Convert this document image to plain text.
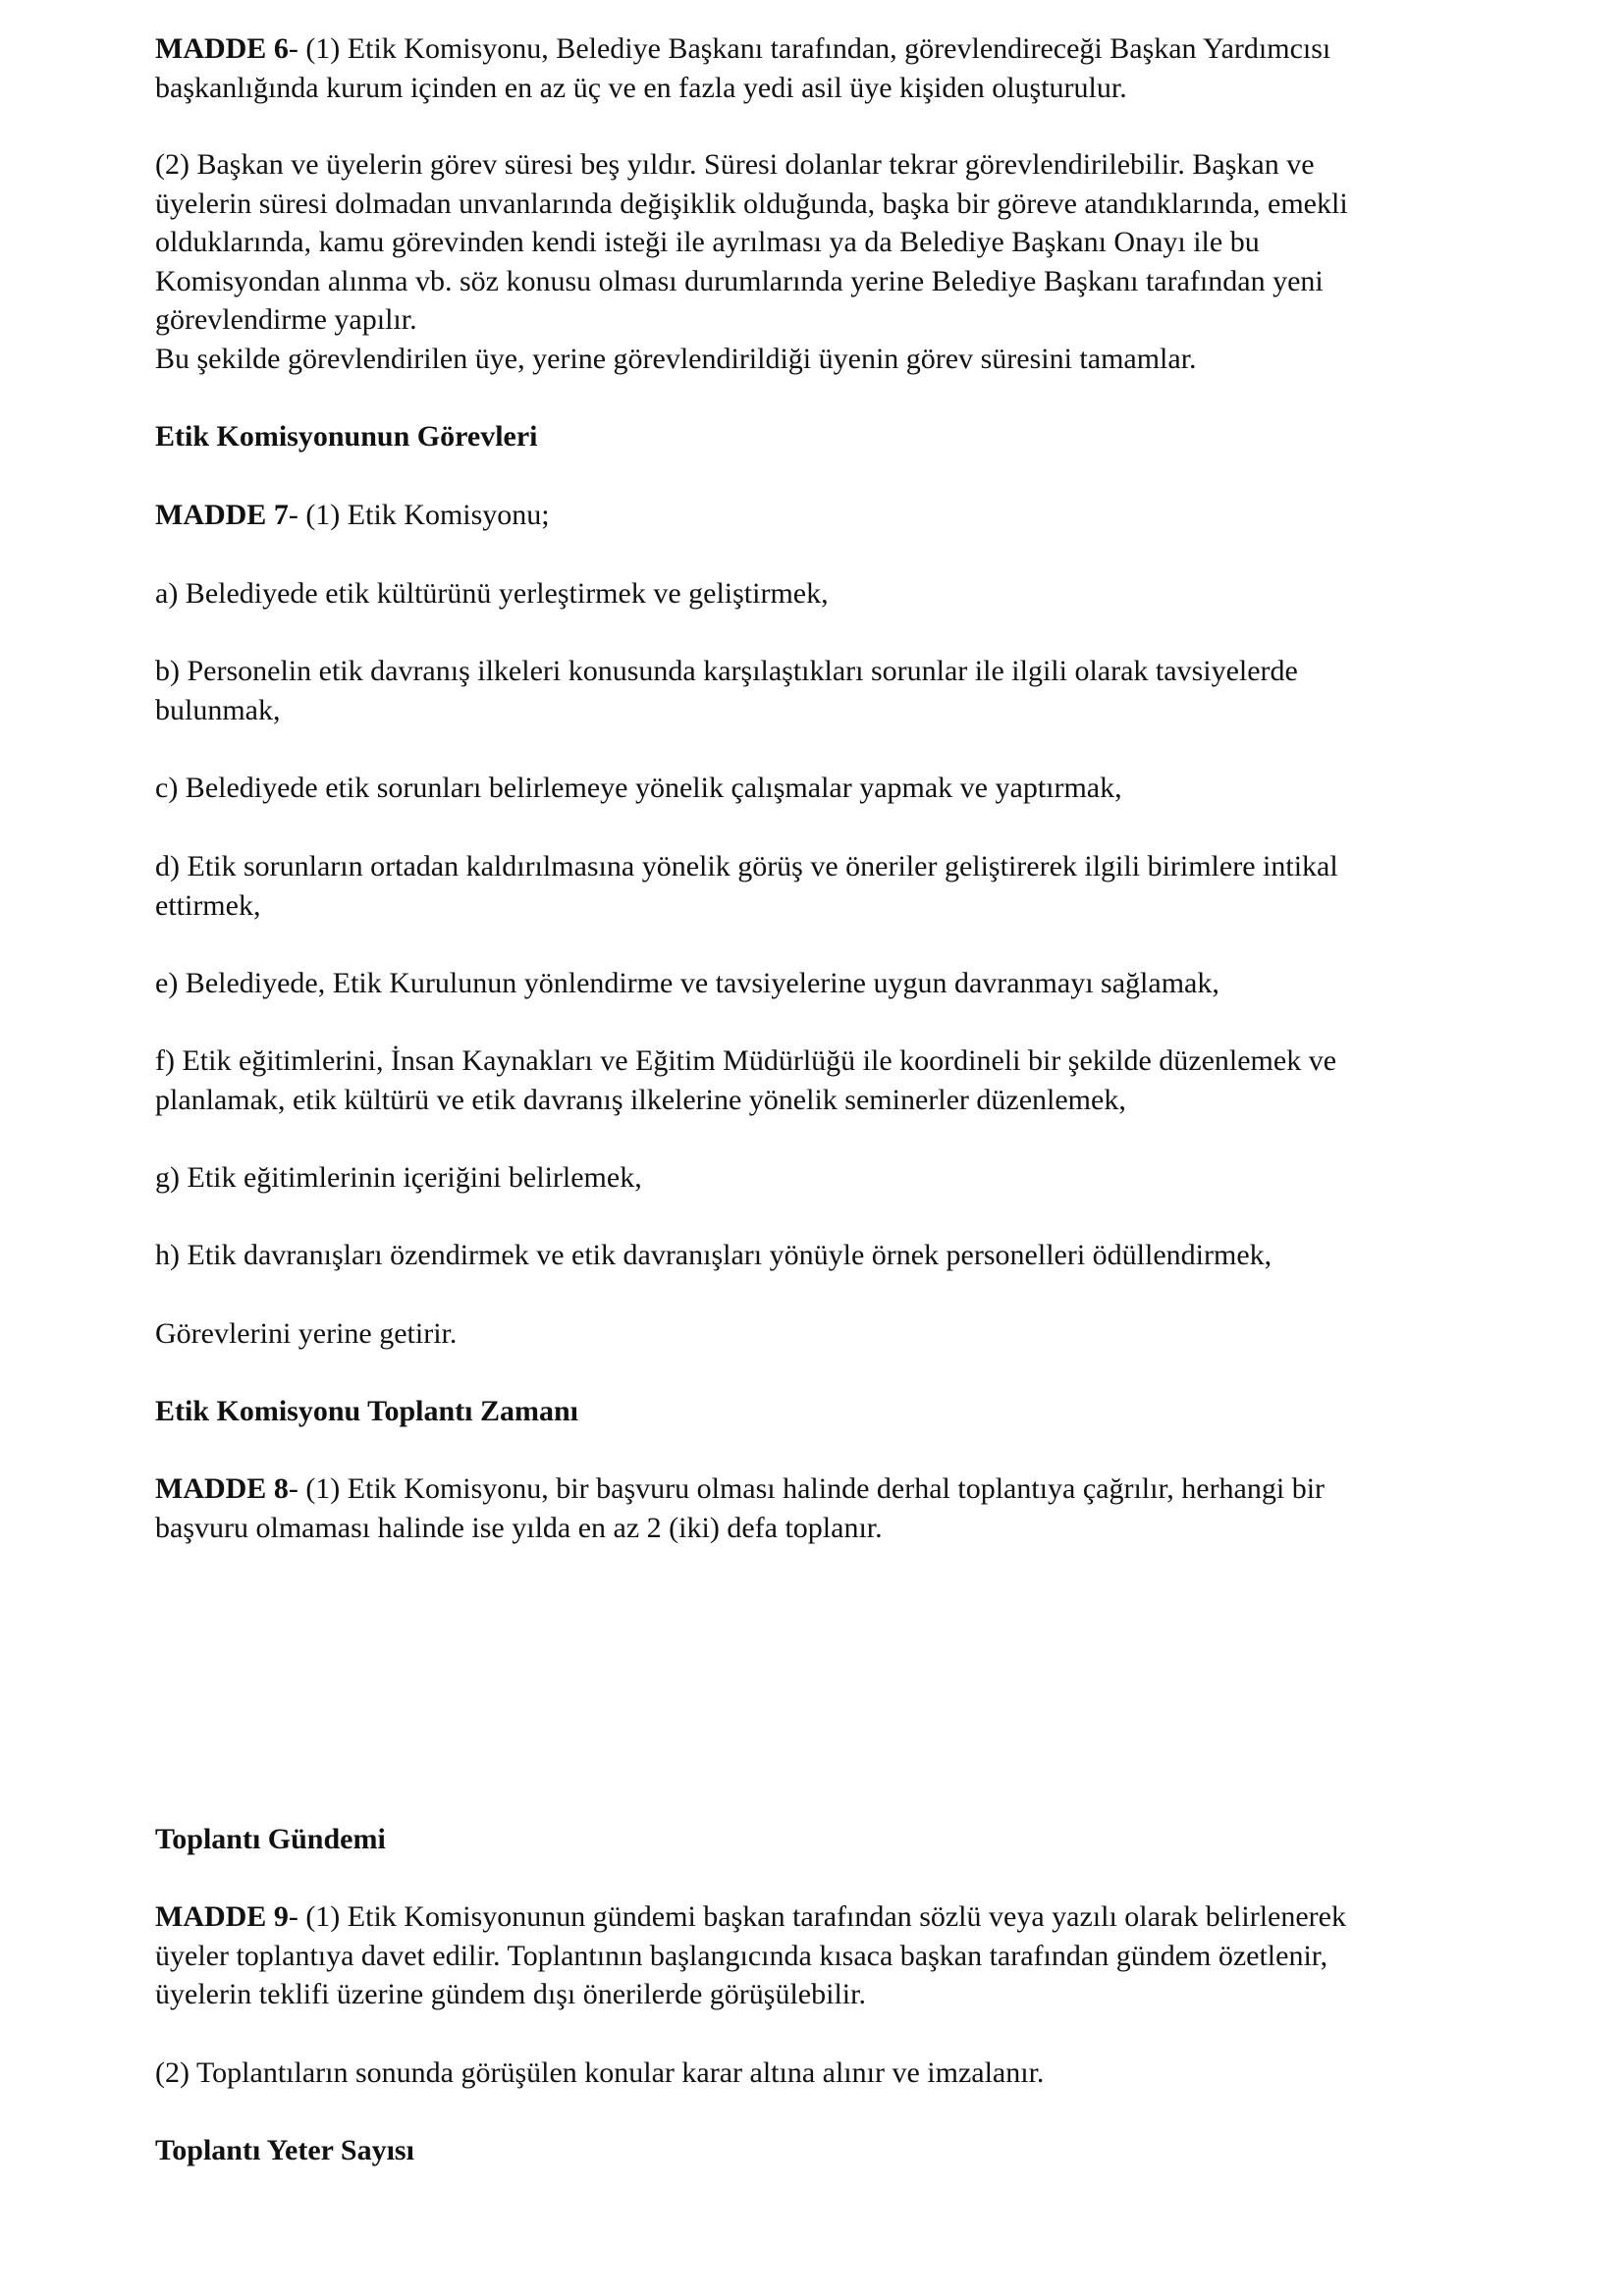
MADDE 6- (1) Etik Komisyonu, Belediye Başkanı tarafından, görevlendireceği Başkan Yardımcısı

başkanlığında kurum içinden en az üç ve en fazla yedi asil üye kişiden oluşturulur.

(2) Başkan ve üyelerin görev süresi beş yıldır. Süresi dolanlar tekrar görevlendirilebilir. Başkan ve

üyelerin süresi dolmadan unvanlarında değişiklik olduğunda, başka bir göreve atandıklarında, emekli

olduklarında, kamu görevinden kendi isteği ile ayrılması ya da Belediye Başkanı Onayı ile bu

Komisyondan alınma vb. söz konusu olması durumlarında yerine Belediye Başkanı tarafından yeni

görevlendirme yapılır.

Bu şekilde görevlendirilen üye, yerine görevlendirildiği üyenin görev süresini tamamlar.

Etik Komisyonunun Görevleri

MADDE 7- (1) Etik Komisyonu;

a) Belediyede etik kültürünü yerleştirmek ve geliştirmek,

b) Personelin etik davranış ilkeleri konusunda karşılaştıkları sorunlar ile ilgili olarak tavsiyelerde

bulunmak,

c) Belediyede etik sorunları belirlemeye yönelik çalışmalar yapmak ve yaptırmak,

d) Etik sorunların ortadan kaldırılmasına yönelik görüş ve öneriler geliştirerek ilgili birimlere intikal

ettirmek,

e) Belediyede, Etik Kurulunun yönlendirme ve tavsiyelerine uygun davranmayı sağlamak,

f) Etik eğitimlerini, İnsan Kaynakları ve Eğitim Müdürlüğü ile koordineli bir şekilde düzenlemek ve

planlamak, etik kültürü ve etik davranış ilkelerine yönelik seminerler düzenlemek,

g) Etik eğitimlerinin içeriğini belirlemek,

h) Etik davranışları özendirmek ve etik davranışları yönüyle örnek personelleri ödüllendirmek,

Görevlerini yerine getirir.

Etik Komisyonu Toplantı Zamanı

MADDE 8- (1) Etik Komisyonu, bir başvuru olması halinde derhal toplantıya çağrılır, herhangi bir

başvuru olmaması halinde ise yılda en az 2 (iki) defa toplanır.

Toplantı Gündemi

MADDE 9- (1) Etik Komisyonunun gündemi başkan tarafından sözlü veya yazılı olarak belirlenerek

üyeler toplantıya davet edilir. Toplantının başlangıcında kısaca başkan tarafından gündem özetlenir,

üyelerin teklifi üzerine gündem dışı önerilerde görüşülebilir.

(2) Toplantıların sonunda görüşülen konular karar altına alınır ve imzalanır.

Toplantı Yeter Sayısı
